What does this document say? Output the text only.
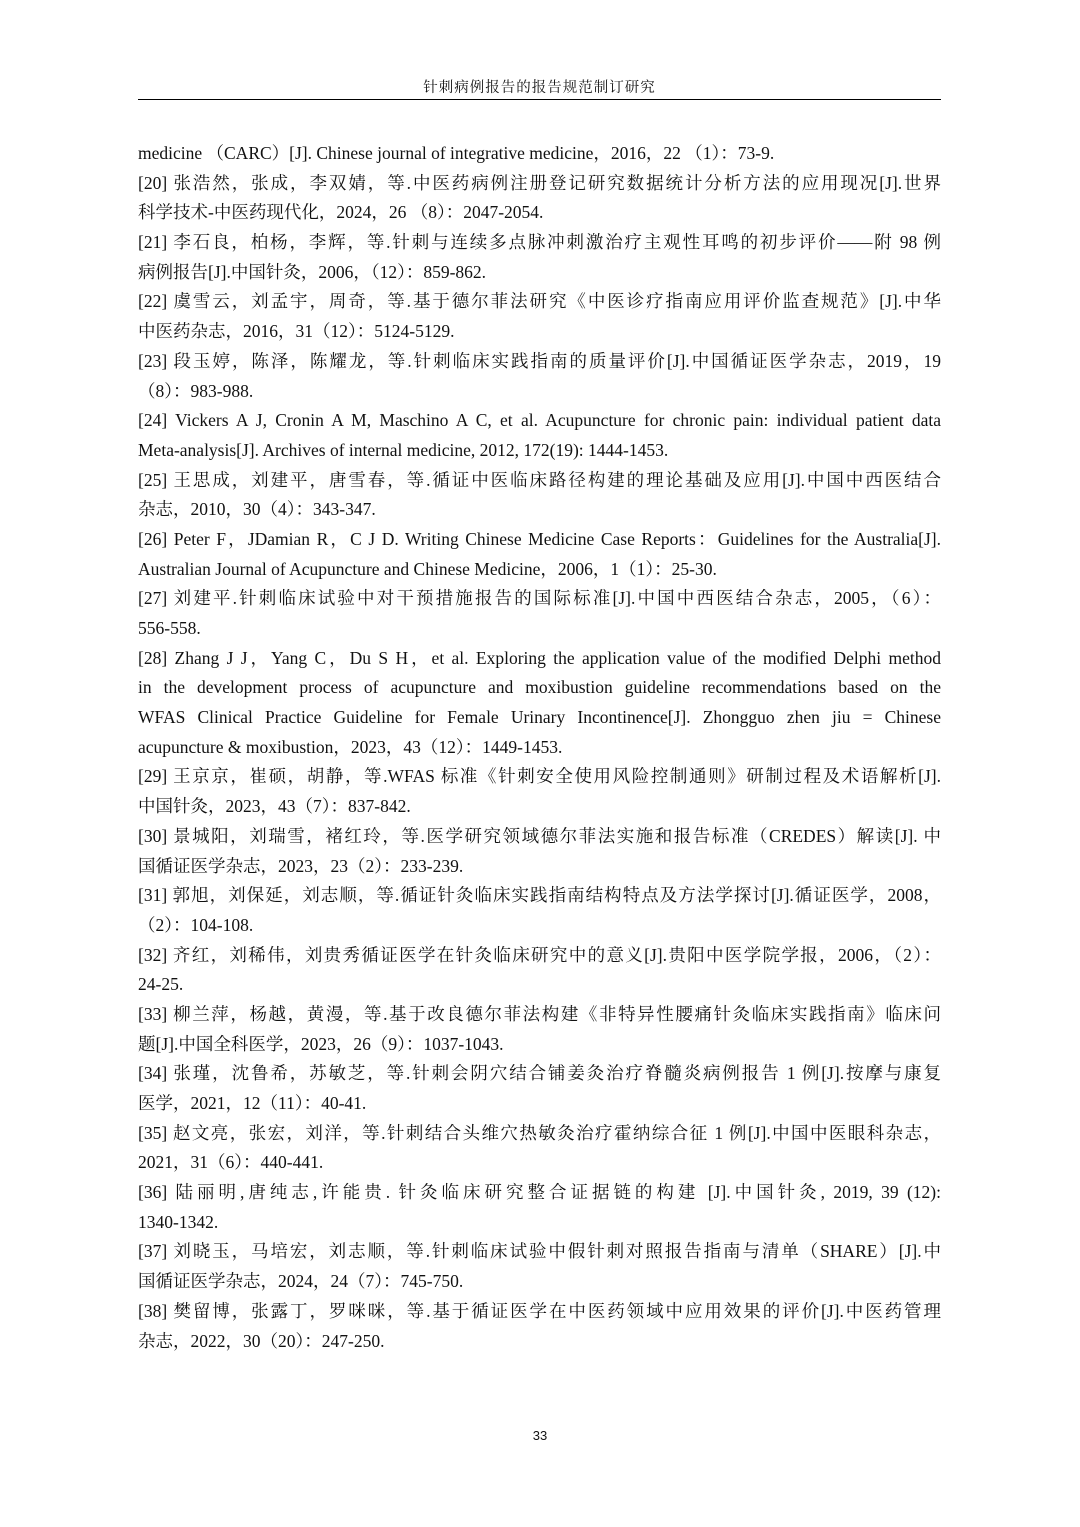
针刺病例报告的报告规范制订研究
medicine （CARC）[J]. Chinese journal of integrative medicine，2016，22 （1）：73-9.
[20] 张浩然，张成，李双婧，等.中医药病例注册登记研究数据统计分析方法的应用现况[J].世界
科学技术-中医药现代化，2024，26 （8）：2047-2054.
[21] 李石良，柏杨，李辉，等.针刺与连续多点脉冲刺激治疗主观性耳鸣的初步评价——附 98 例
病例报告[J].中国针灸，2006，（12）：859-862.
[22] 虞雪云，刘孟宇，周奇，等.基于德尔菲法研究《中医诊疗指南应用评价监查规范》[J].中华
中医药杂志，2016，31（12）：5124-5129.
[23] 段玉婷，陈泽，陈耀龙，等.针刺临床实践指南的质量评价[J].中国循证医学杂志，2019，19
（8）：983-988.
[24] Vickers A J, Cronin A M, Maschino A C, et al. Acupuncture for chronic pain: individual patient data
Meta-analysis[J]. Archives of internal medicine, 2012, 172(19): 1444-1453.
[25] 王思成，刘建平，唐雪春，等.循证中医临床路径构建的理论基础及应用[J].中国中西医结合
杂志，2010，30（4）：343-347.
[26] Peter F，JDamian R，C J D. Writing Chinese Medicine Case Reports：Guidelines for the Australia[J].
Australian Journal of Acupuncture and Chinese Medicine，2006，1（1）：25-30.
[27] 刘建平.针刺临床试验中对干预措施报告的国际标准[J].中国中西医结合杂志，2005，（6）：
556-558.
[28] Zhang J J，Yang C，Du S H，et al. Exploring the application value of the modified Delphi method
in the development process of acupuncture and moxibustion guideline recommendations based on the
WFAS Clinical Practice Guideline for Female Urinary Incontinence[J]. Zhongguo zhen jiu = Chinese
acupuncture & moxibustion，2023，43（12）：1449-1453.
[29] 王京京，崔硕，胡静，等.WFAS 标准《针刺安全使用风险控制通则》研制过程及术语解析[J].
中国针灸，2023，43（7）：837-842.
[30] 景城阳，刘瑞雪，褚红玲，等.医学研究领域德尔菲法实施和报告标准（CREDES）解读[J]. 中
国循证医学杂志，2023，23（2）：233-239.
[31] 郭旭，刘保延，刘志顺，等.循证针灸临床实践指南结构特点及方法学探讨[J].循证医学，2008，
（2）：104-108.
[32] 齐红，刘稀伟，刘贵秀循证医学在针灸临床研究中的意义[J].贵阳中医学院学报，2006，（2）：
24-25.
[33] 柳兰萍，杨越，黄漫，等.基于改良德尔菲法构建《非特异性腰痛针灸临床实践指南》临床问
题[J].中国全科医学，2023，26（9）：1037-1043.
[34] 张瑾，沈鲁希，苏敏芝，等.针刺会阴穴结合铺姜灸治疗脊髓炎病例报告 1 例[J].按摩与康复
医学，2021，12（11）：40-41.
[35] 赵文亮，张宏，刘洋，等.针刺结合头维穴热敏灸治疗霍纳综合征 1 例[J].中国中医眼科杂志，
2021，31（6）：440-441.
[36] 陆丽明,唐纯志,许能贵. 针灸临床研究整合证据链的构建 [J].中国针灸, 2019, 39 (12):
1340-1342.
[37] 刘晓玉，马培宏，刘志顺，等.针刺临床试验中假针刺对照报告指南与清单（SHARE）[J].中
国循证医学杂志，2024，24（7）：745-750.
[38] 樊留博，张露丁，罗咪咪，等.基于循证医学在中医药领域中应用效果的评价[J].中医药管理
杂志，2022，30（20）：247-250.
33
